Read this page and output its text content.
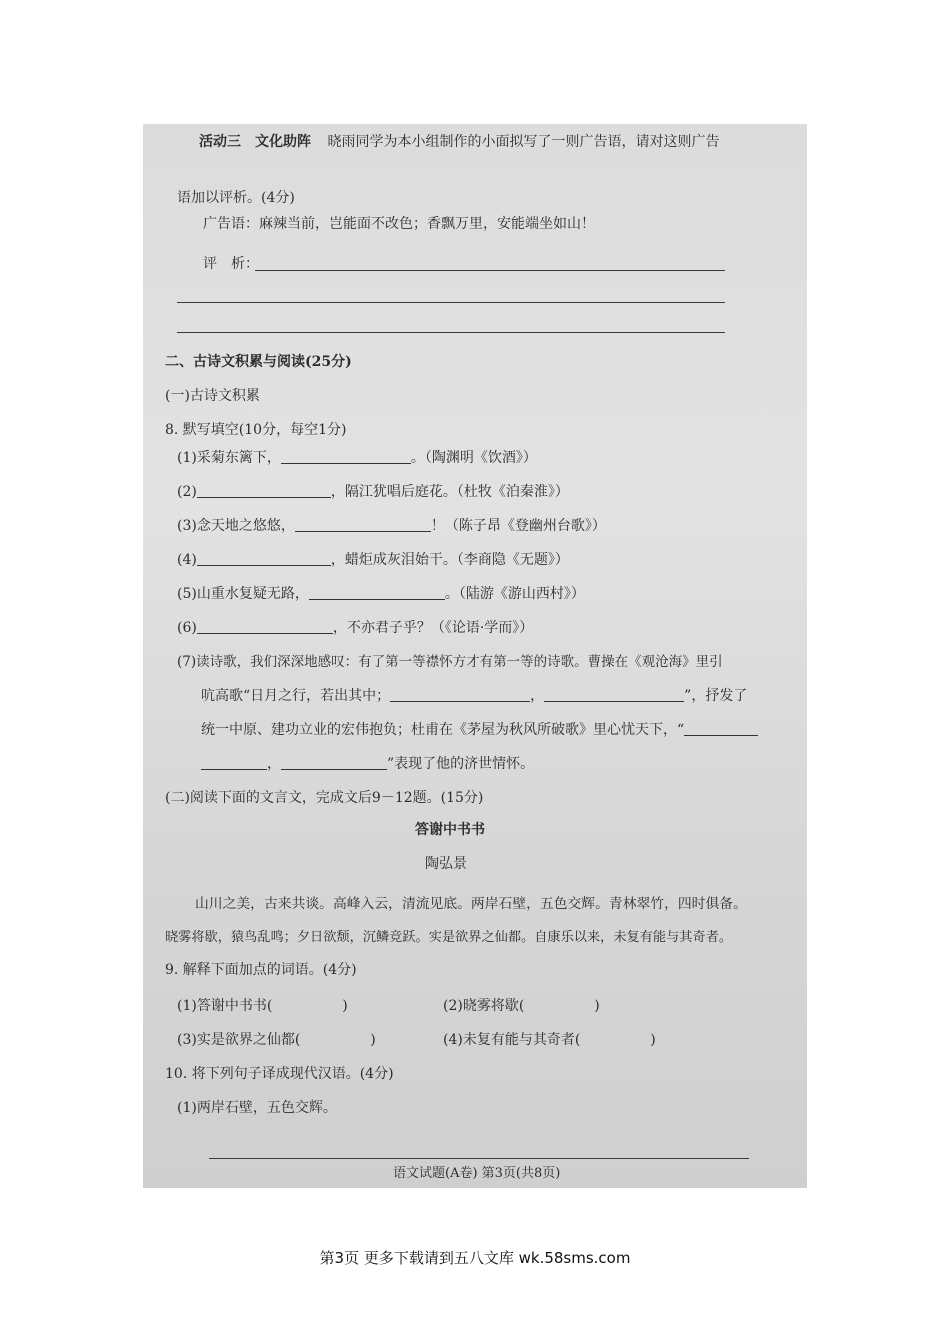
活动三　文化助阵 晓雨同学为本小组制作的小面拟写了一则广告语，请对这则广告
语加以评析。(4分)
广告语：麻辣当前，岂能面不改色；香飘万里，安能端坐如山！
评　析：
二、古诗文积累与阅读(25分)
(一)古诗文积累
8. 默写填空(10分，每空1分)
(1)采菊东篱下，	。（陶渊明《饮酒》）
(2)	，隔江犹唱后庭花。（杜牧《泊秦淮》）
(3)念天地之悠悠，	！（陈子昂《登幽州台歌》）
(4)	，蜡炬成灰泪始干。（李商隐《无题》）
(5)山重水复疑无路，	。（陆游《游山西村》）
(6)	，不亦君子乎？（《论语·学而》）
(7)读诗歌，我们深深地感叹：有了第一等襟怀方才有第一等的诗歌。曹操在《观沧海》里引
吭高歌“日月之行，若出其中；	，	”，抒发了
统一中原、建功立业的宏伟抱负；杜甫在《茅屋为秋风所破歌》里心忧天下，“
，	”表现了他的济世情怀。
(二)阅读下面的文言文，完成文后9－12题。(15分)
答谢中书书
陶弘景
山川之美，古来共谈。高峰入云，清流见底。两岸石壁，五色交辉。青林翠竹，四时俱备。
晓雾将歇，猿鸟乱鸣；夕日欲颓，沉鳞竞跃。实是欲界之仙都。自康乐以来，未复有能与其奇者。
9. 解释下面加点的词语。(4分)
(1)答谢中书书(	)	(2)晓雾将歇(	)
(3)实是欲界之仙都(	)	(4)未复有能与其奇者(	)
10. 将下列句子译成现代汉语。(4分)
(1)两岸石壁，五色交辉。
语文试题(A卷) 第3页(共8页)
第3页 更多下载请到五八文库 wk.58sms.com
